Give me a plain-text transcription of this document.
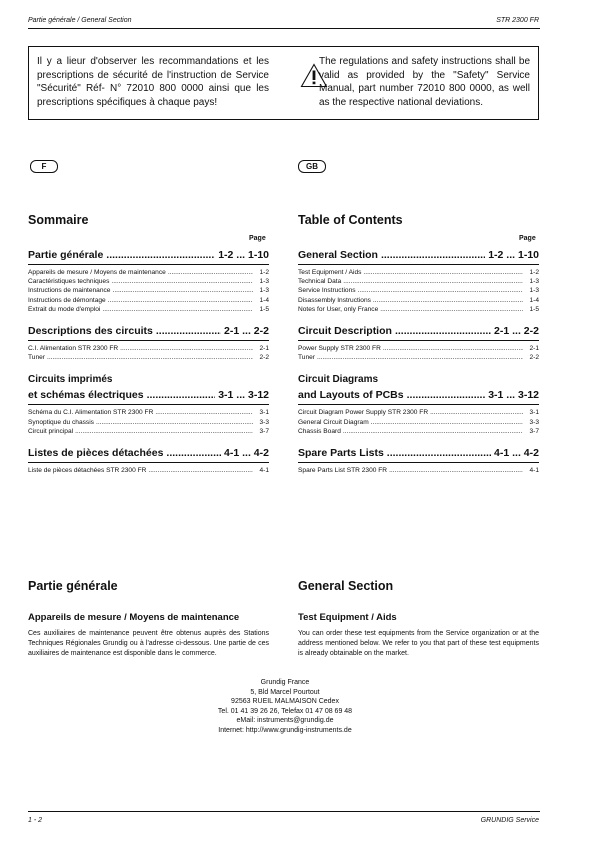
Partie générale / General Section	STR 2300 FR
Il y a lieur d'observer les recommandations et les prescriptions de sécurité de l'instruction de Service "Sécurité" Réf- N° 72010 800 0000 ainsi que les prescriptions spécifiques à chaque pays!
The regulations and safety instructions shall be valid as provided by the "Safety" Service Manual, part number 72010 800 0000, as well as the respective national deviations.
F	GB
Sommaire	Table of Contents
Page	Page
Partie générale .....	1-2 ... 1-10
Appareils de mesure / Moyens de maintenance .....	1-2
Caractéristiques techniques .....	1-3
Instructions de maintenance .....	1-3
Instructions de démontage .....	1-4
Extrait du mode d'emploi .....	1-5
Descriptions des circuits .....	2-1 ... 2-2
C.I. Alimentation STR 2300 FR .....	2-1
Tuner .....	2-2
Circuits imprimés
et schémas électriques .....	3-1 ... 3-12
Schéma du C.I. Alimentation STR 2300 FR .....	3-1
Synoptique du chassis .....	3-3
Circuit principal .....	3-7
Listes de pièces détachées .....	4-1 ... 4-2
Liste de pièces détachées STR 2300 FR .....	4-1
General Section .....	1-2 ... 1-10
Test Equipment / Aids .....	1-2
Technical Data .....	1-3
Service Instructions .....	1-3
Disassembly Instructions .....	1-4
Notes for User, only France .....	1-5
Circuit Description .....	2-1 ... 2-2
Power Supply STR 2300 FR .....	2-1
Tuner .....	2-2
Circuit Diagrams
and Layouts of PCBs .....	3-1 ... 3-12
Circuit Diagram Power Supply STR 2300 FR .....	3-1
General Circuit Diagram .....	3-3
Chassis Board .....	3-7
Spare Parts Lists .....	4-1 ... 4-2
Spare Parts List STR 2300 FR .....	4-1
Partie générale	General Section
Appareils de mesure / Moyens de maintenance	Test Equipment / Aids
Ces auxiliaires de maintenance peuvent être obtenus auprès des Stations Techniques Régionales Grundig ou à l'adresse ci-dessous. Une partie de ces auxiliaires de maintenance est disponible dans le commerce.
You can order these test equipments from the Service organization or at the address mentioned below. We refer to you that part of these test equipments is already obtainable on the market.
Grundig France
5, Bld Marcel Pourtout
92563 RUEIL MALMAISON Cedex
Tel. 01 41 39 26 26, Telefax 01 47 08 69 48
eMail: instruments@grundig.de
Internet: http://www.grundig-instruments.de
1 - 2	GRUNDIG Service
